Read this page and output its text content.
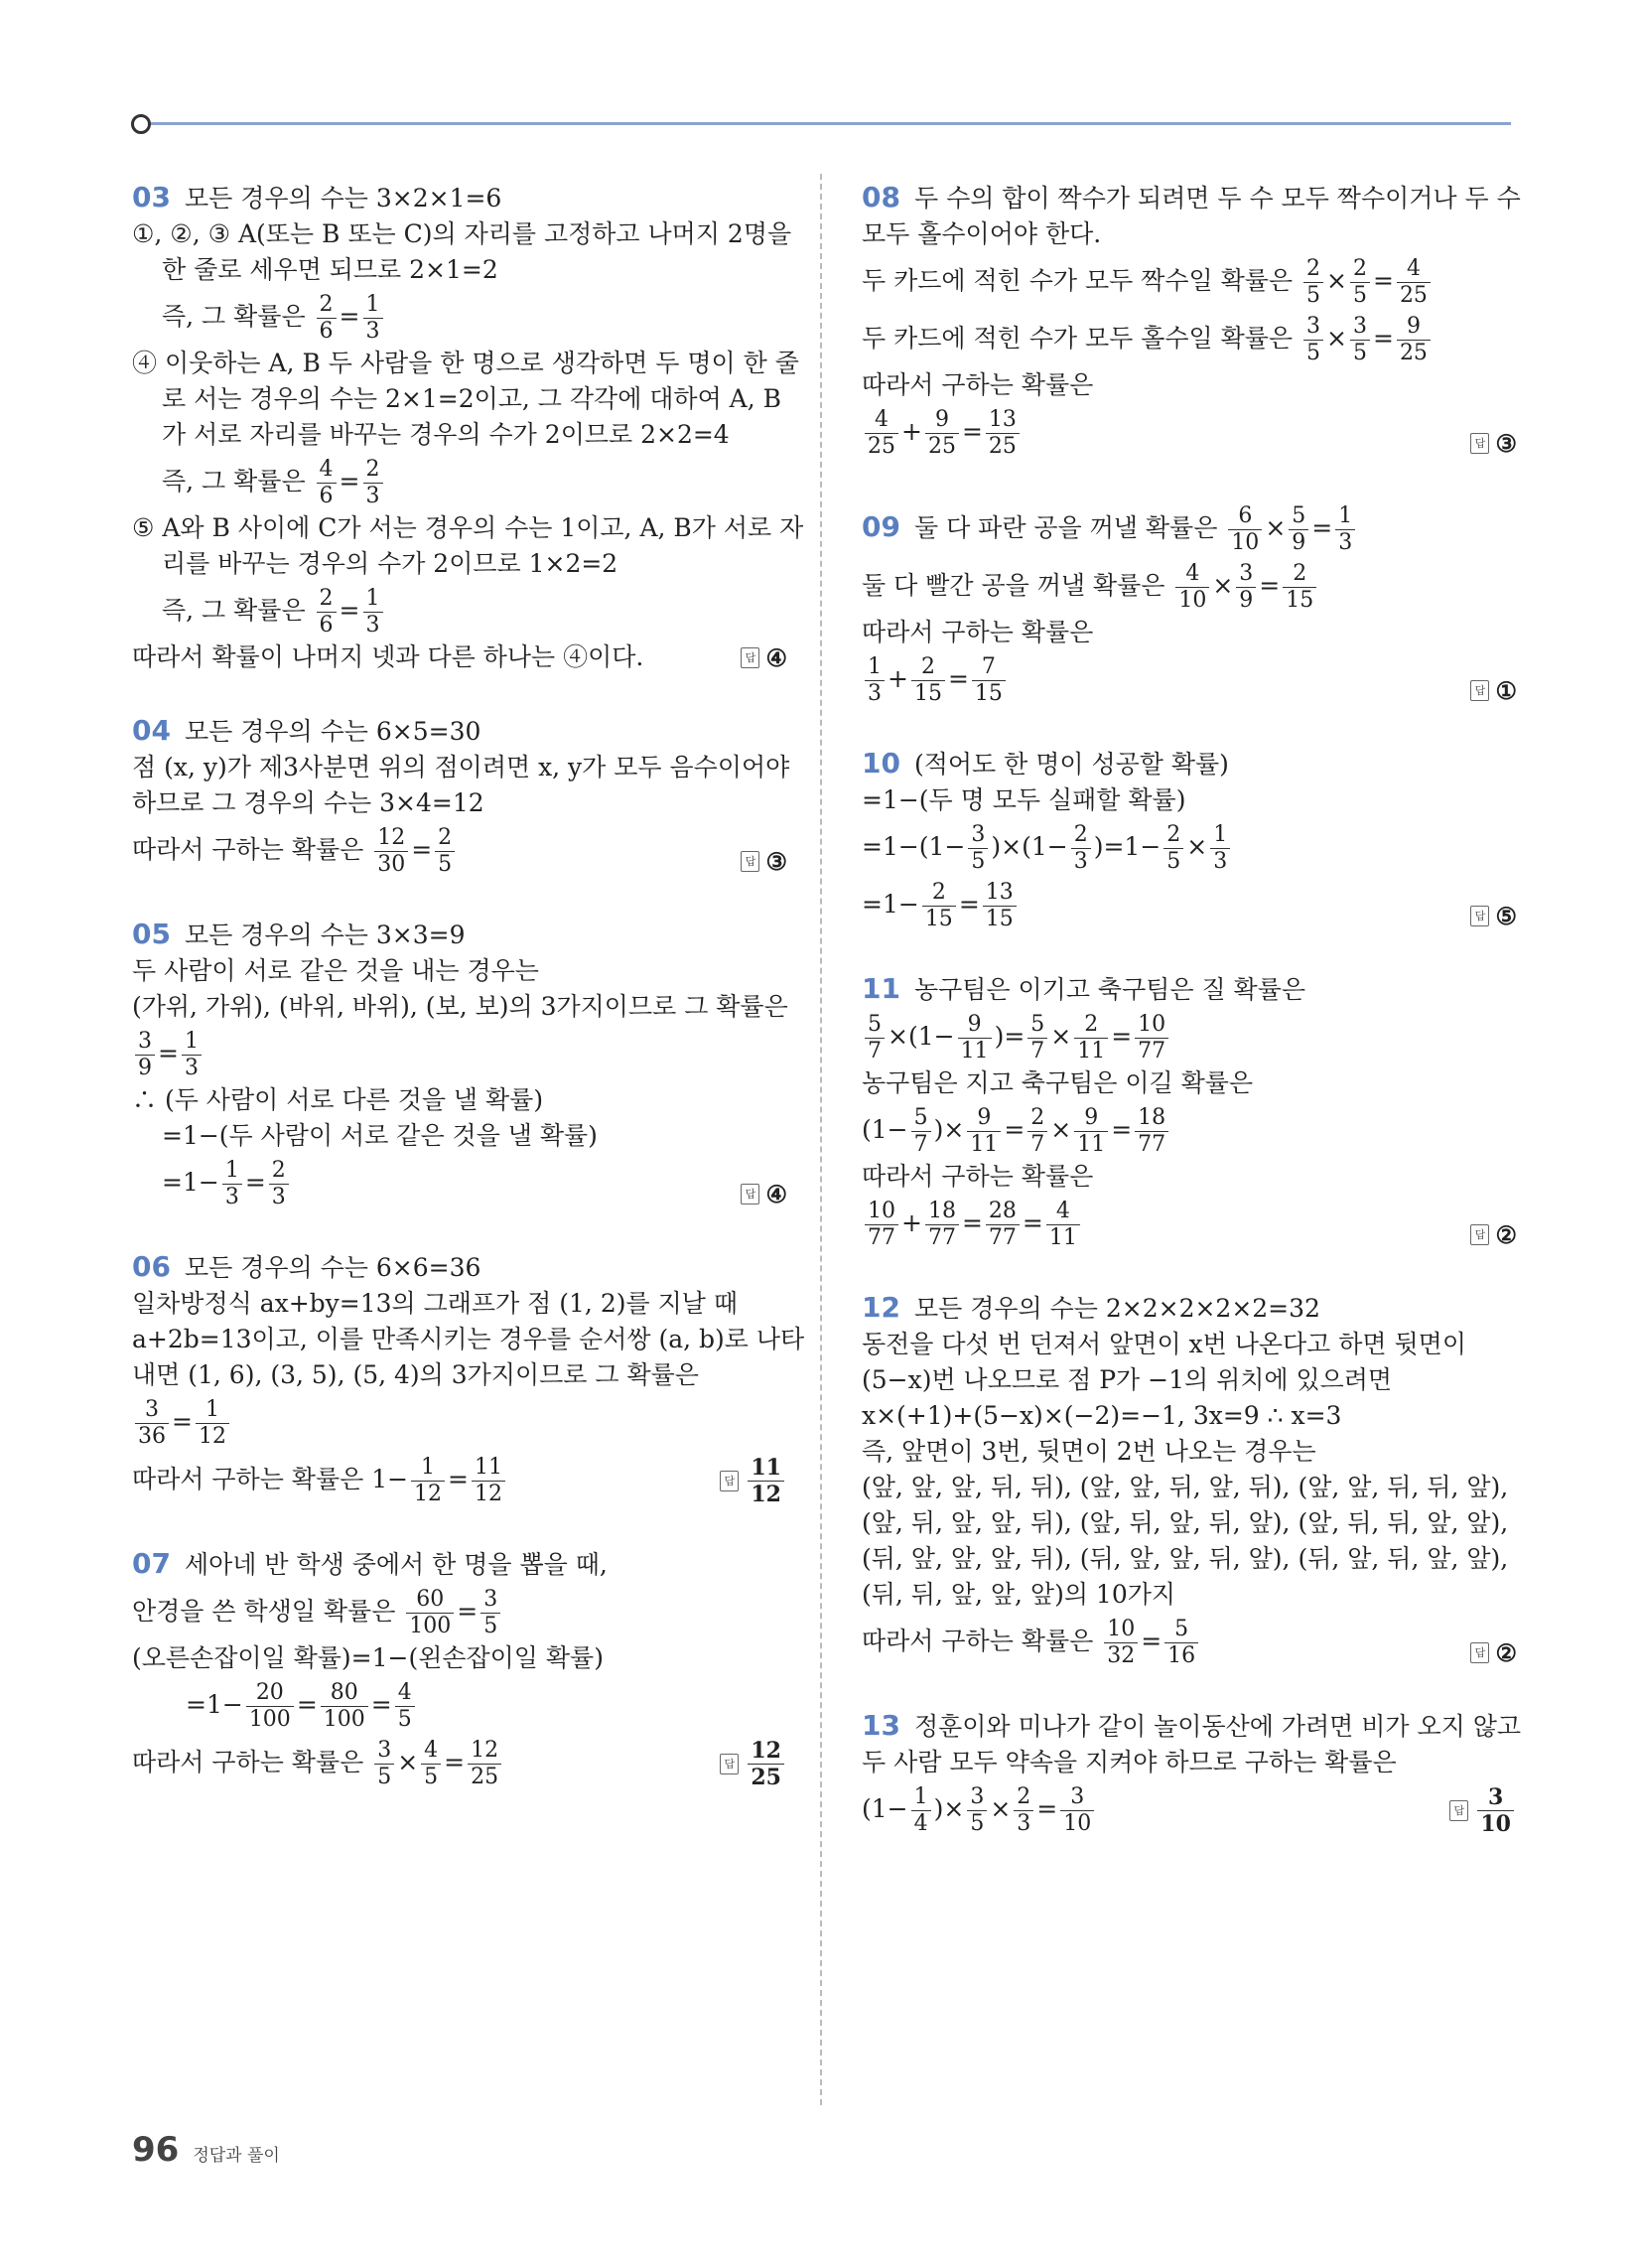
03 모든 경우의 수는 3×2×1=6
①, ②, ③ A(또는 B 또는 C)의 자리를 고정하고 나머지 2명을
한 줄로 세우면 되므로 2×1=2
즉, 그 확률은 $\frac{2}{6} = \frac{1}{3}$
④ 이웃하는 A, B 두 사람을 한 명으로 생각하면 두 명이 한 줄
로 서는 경우의 수는 2×1=2이고, 그 각각에 대하여 A, B
가 서로 자리를 바꾸는 경우의 수가 2이므로 2×2=4
즉, 그 확률은 $\frac{4}{6} = \frac{2}{3}$
⑤ A와 B 사이에 C가 서는 경우의 수는 1이고, A, B가 서로 자
리를 바꾸는 경우의 수가 2이므로 1×2=2
즉, 그 확률은 $\frac{2}{6} = \frac{1}{3}$
따라서 확률이 나머지 넷과 다른 하나는 ④이다.	답 ④
04 모든 경우의 수는 6×5=30
점 (x, y)가 제3사분면 위의 점이려면 x, y가 모두 음수이어야
하므로 그 경우의 수는 3×4=12
따라서 구하는 확률은 $\frac{12}{30} = \frac{2}{5}$	답 ③
05 모든 경우의 수는 3×3=9
두 사람이 서로 같은 것을 내는 경우는
(가위, 가위), (바위, 바위), (보, 보)의 3가지이므로 그 확률은
$\frac{3}{9} = \frac{1}{3}$
∴ (두 사람이 서로 다른 것을 낼 확률)
=1−(두 사람이 서로 같은 것을 낼 확률)
$=1- \frac{1}{3} = \frac{2}{3}$	답 ④
06 모든 경우의 수는 6×6=36
일차방정식 ax+by=13의 그래프가 점 (1, 2)를 지날 때
a+2b=13이고, 이를 만족시키는 경우를 순서쌍 (a, b)로 나타
내면 (1, 6), (3, 5), (5, 4)의 3가지이므로 그 확률은
$\frac{3}{36} = \frac{1}{12}$
따라서 구하는 확률은 $1- \frac{1}{12} = \frac{11}{12}$	답 $\frac{11}{12}$
07 세아네 반 학생 중에서 한 명을 뽑을 때,
안경을 쓴 학생일 확률은 $\frac{60}{100} = \frac{3}{5}$
(오른손잡이일 확률)=1−(왼손잡이일 확률)
$=1- \frac{20}{100} = \frac{80}{100} = \frac{4}{5}$
따라서 구하는 확률은 $\frac{3}{5} \times \frac{4}{5} = \frac{12}{25}$	답 $\frac{12}{25}$
08 두 수의 합이 짝수가 되려면 두 수 모두 짝수이거나 두 수
모두 홀수이어야 한다.
두 카드에 적힌 수가 모두 짝수일 확률은 $\frac{2}{5} \times \frac{2}{5} = \frac{4}{25}$
두 카드에 적힌 수가 모두 홀수일 확률은 $\frac{3}{5} \times \frac{3}{5} = \frac{9}{25}$
따라서 구하는 확률은
$\frac{4}{25} + \frac{9}{25} = \frac{13}{25}$	답 ③
09 둘 다 파란 공을 꺼낼 확률은 $\frac{6}{10} \times \frac{5}{9} = \frac{1}{3}$
둘 다 빨간 공을 꺼낼 확률은 $\frac{4}{10} \times \frac{3}{9} = \frac{2}{15}$
따라서 구하는 확률은
$\frac{1}{3} + \frac{2}{15} = \frac{7}{15}$	답 ①
10 (적어도 한 명이 성공할 확률)
=1−(두 명 모두 실패할 확률)
$=1-(1- \frac{3}{5} )\times(1- \frac{2}{3} )=1- \frac{2}{5} \times \frac{1}{3}$
$=1- \frac{2}{15} = \frac{13}{15}$	답 ⑤
11 농구팀은 이기고 축구팀은 질 확률은
$\frac{5}{7} \times(1- \frac{9}{11}$ )= $\frac{5}{7} \times \frac{2}{11} = \frac{10}{77}$
농구팀은 지고 축구팀은 이길 확률은
($1- \frac{5}{7}$ )× $\frac{9}{11} = \frac{2}{7} \times \frac{9}{11} = \frac{18}{77}$
따라서 구하는 확률은
$\frac{10}{77} + \frac{18}{77} = \frac{28}{77} = \frac{4}{11}$	답 ②
12 모든 경우의 수는 2×2×2×2×2=32
동전을 다섯 번 던져서 앞면이 x번 나온다고 하면 뒷면이
(5−x)번 나오므로 점 P가 −1의 위치에 있으려면
x×(+1)+(5−x)×(−2)=−1, 3x=9 ∴ x=3
즉, 앞면이 3번, 뒷면이 2번 나오는 경우는
(앞, 앞, 앞, 뒤, 뒤), (앞, 앞, 뒤, 앞, 뒤), (앞, 앞, 뒤, 뒤, 앞),
(앞, 뒤, 앞, 앞, 뒤), (앞, 뒤, 앞, 뒤, 앞), (앞, 뒤, 뒤, 앞, 앞),
(뒤, 앞, 앞, 앞, 뒤), (뒤, 앞, 앞, 뒤, 앞), (뒤, 앞, 뒤, 앞, 앞),
(뒤, 뒤, 앞, 앞, 앞)의 10가지
따라서 구하는 확률은 $\frac{10}{32} = \frac{5}{16}$	답 ②
13 정훈이와 미나가 같이 놀이동산에 가려면 비가 오지 않고
두 사람 모두 약속을 지켜야 하므로 구하는 확률은
($1- \frac{1}{4}$ )× $\frac{3}{5} \times \frac{2}{3} = \frac{3}{10}$	답 $\frac{3}{10}$
96 정답과 풀이
